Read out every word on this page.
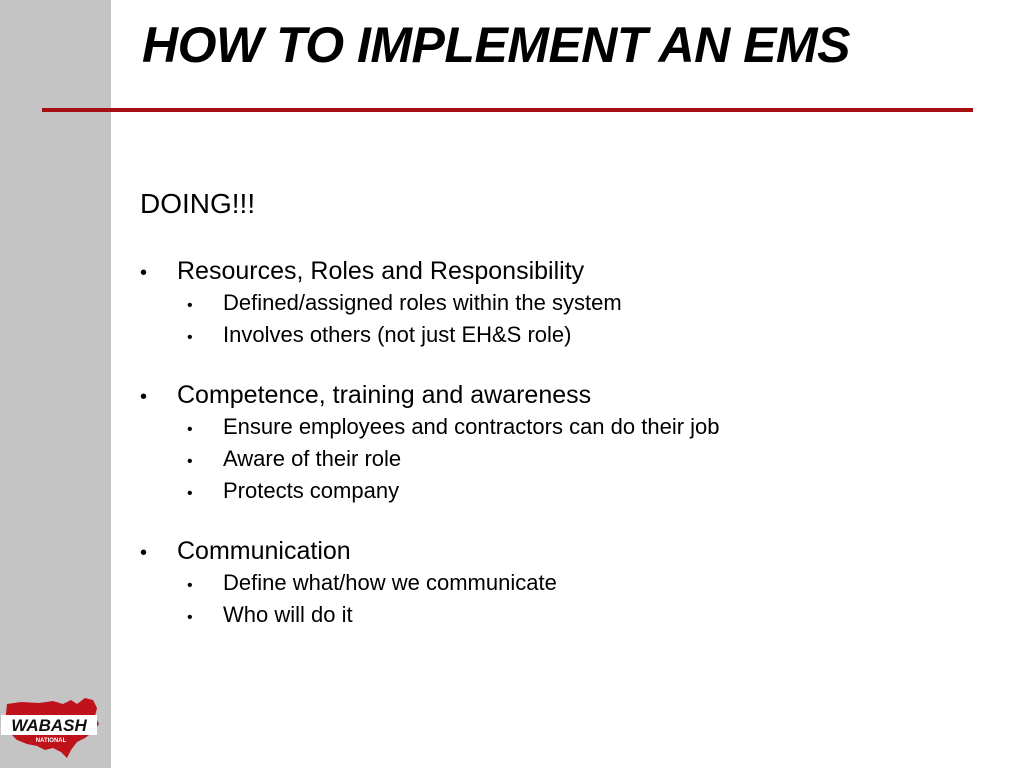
HOW TO IMPLEMENT AN EMS
DOING!!!
•	Resources, Roles and Responsibility
•	Defined/assigned roles within the system
•	Involves others (not just EH&S role)
•	Competence, training and awareness
•	Ensure employees and contractors can do their job
•	Aware of their role
•	Protects company
•	Communication
•	Define what/how we communicate
•	Who will do it
WABASH
NATIONAL
